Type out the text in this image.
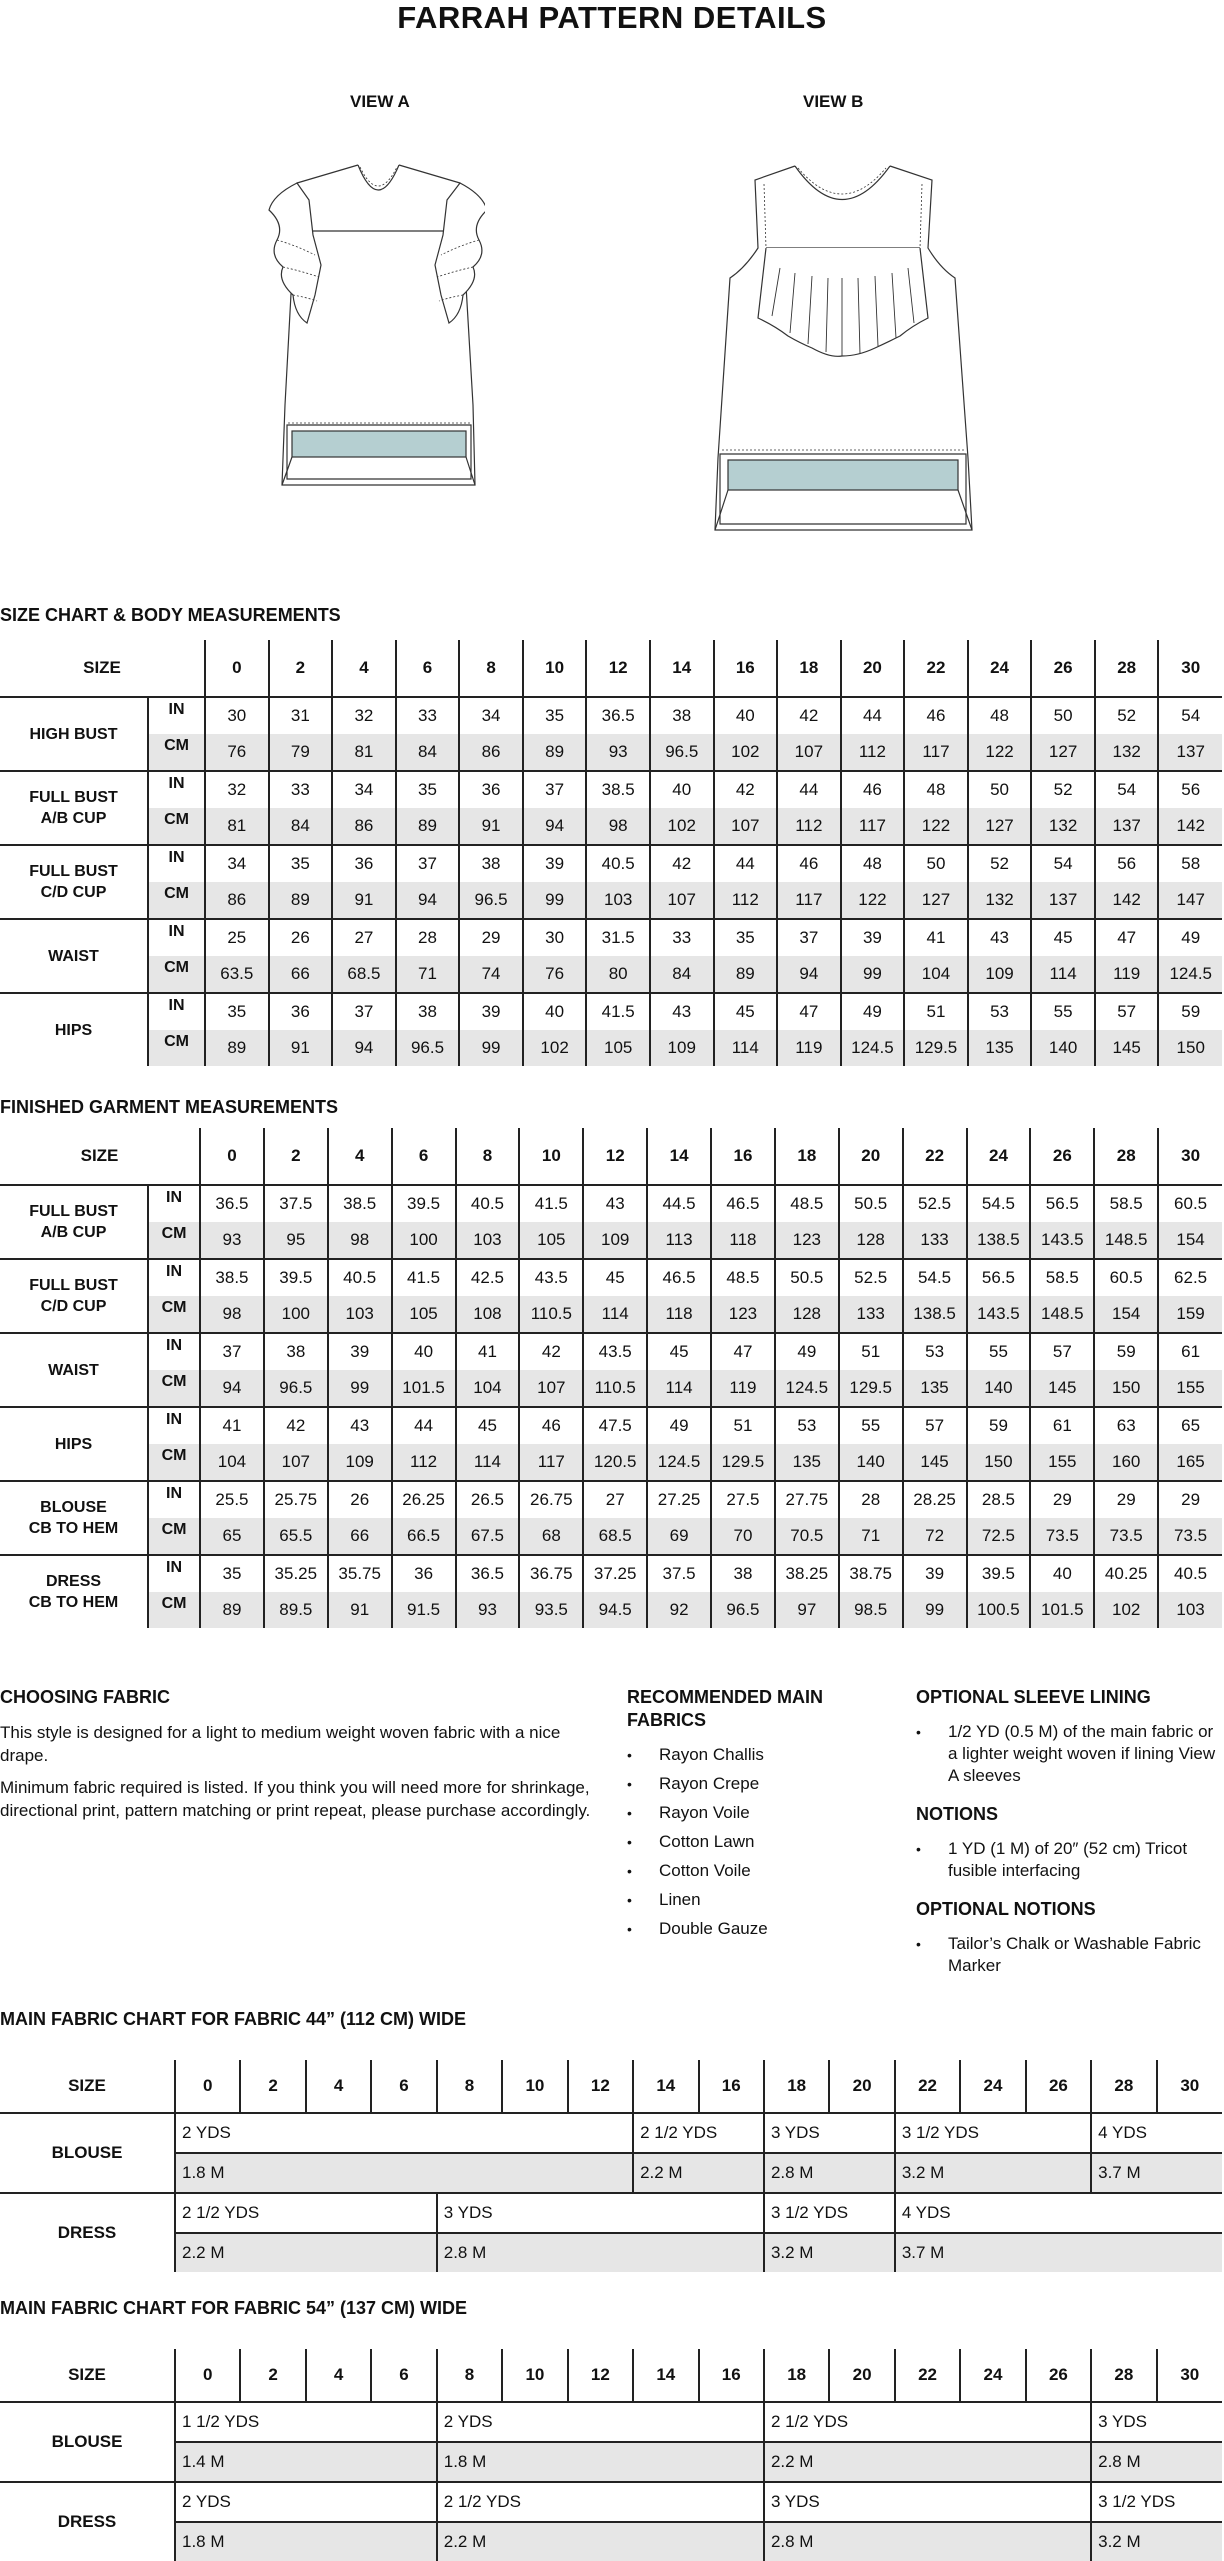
FARRAH PATTERN DETAILS
VIEW A	VIEW B
SIZE CHART & BODY MEASUREMENTS
SIZE		0	2	4	6	8	10	12	14	16	18	20	22	24	26	28	30

HIGH BUST	IN	30	31	32	33	34	35	36.5	38	40	42	44	46	48	50	52	54
	CM	76	79	81	84	86	89	93	96.5	102	107	112	117	122	127	132	137

FULL BUST
A/B CUP	IN	32	33	34	35	36	37	38.5	40	42	44	46	48	50	52	54	56
	CM	81	84	86	89	91	94	98	102	107	112	117	122	127	132	137	142

FULL BUST
C/D CUP	IN	34	35	36	37	38	39	40.5	42	44	46	48	50	52	54	56	58
	CM	86	89	91	94	96.5	99	103	107	112	117	122	127	132	137	142	147

WAIST	IN	25	26	27	28	29	30	31.5	33	35	37	39	41	43	45	47	49
	CM	63.5	66	68.5	71	74	76	80	84	89	94	99	104	109	114	119	124.5

HIPS	IN	35	36	37	38	39	40	41.5	43	45	47	49	51	53	55	57	59
	CM	89	91	94	96.5	99	102	105	109	114	119	124.5	129.5	135	140	145	150
FINISHED GARMENT MEASUREMENTS
SIZE		0	2	4	6	8	10	12	14	16	18	20	22	24	26	28	30

FULL BUST
A/B CUP	IN	36.5	37.5	38.5	39.5	40.5	41.5	43	44.5	46.5	48.5	50.5	52.5	54.5	56.5	58.5	60.5
	CM	93	95	98	100	103	105	109	113	118	123	128	133	138.5	143.5	148.5	154

FULL BUST
C/D CUP	IN	38.5	39.5	40.5	41.5	42.5	43.5	45	46.5	48.5	50.5	52.5	54.5	56.5	58.5	60.5	62.5
	CM	98	100	103	105	108	110.5	114	118	123	128	133	138.5	143.5	148.5	154	159

WAIST	IN	37	38	39	40	41	42	43.5	45	47	49	51	53	55	57	59	61
	CM	94	96.5	99	101.5	104	107	110.5	114	119	124.5	129.5	135	140	145	150	155

HIPS	IN	41	42	43	44	45	46	47.5	49	51	53	55	57	59	61	63	65
	CM	104	107	109	112	114	117	120.5	124.5	129.5	135	140	145	150	155	160	165

BLOUSE
CB TO HEM	IN	25.5	25.75	26	26.25	26.5	26.75	27	27.25	27.5	27.75	28	28.25	28.5	29	29	29
	CM	65	65.5	66	66.5	67.5	68	68.5	69	70	70.5	71	72	72.5	73.5	73.5	73.5

DRESS
CB TO HEM	IN	35	35.25	35.75	36	36.5	36.75	37.25	37.5	38	38.25	38.75	39	39.5	40	40.25	40.5
	CM	89	89.5	91	91.5	93	93.5	94.5	92	96.5	97	98.5	99	100.5	101.5	102	103
CHOOSING FABRIC

This style is designed for a light to medium weight woven fabric with a nice drape.

Minimum fabric required is listed. If you think you will need more for shrinkage, directional print, pattern matching or print repeat, please purchase accordingly.

RECOMMENDED MAIN FABRICS
• Rayon Challis
• Rayon Crepe
• Rayon Voile
• Cotton Lawn
• Cotton Voile
• Linen
• Double Gauze
OPTIONAL SLEEVE LINING
• 1/2 YD (0.5 M) of the main fabric or a lighter weight woven if lining View A sleeves
NOTIONS
• 1 YD (1 M) of 20″ (52 cm) Tricot fusible interfacing
OPTIONAL NOTIONS
• Tailor’s Chalk or Washable Fabric Marker
MAIN FABRIC CHART FOR FABRIC 44” (112 CM) WIDE
SIZE	0	2	4	6	8	10	12	14	16	18	20	22	24	26	28	30
BLOUSE	2 YDS							2 1/2 YDS		3 YDS		3 1/2 YDS			4 YDS	
	1.8 M							2.2 M		2.8 M		3.2 M			3.7 M	
DRESS	2 1/2 YDS				3 YDS					3 1/2 YDS		4 YDS				
	2.2 M				2.8 M					3.2 M		3.7 M				
MAIN FABRIC CHART FOR FABRIC 54” (137 CM) WIDE
SIZE	0	2	4	6	8	10	12	14	16	18	20	22	24	26	28	30
BLOUSE	1 1/2 YDS				2 YDS					2 1/2 YDS					3 YDS	
	1.4 M				1.8 M					2.2 M					2.8 M	
DRESS	2 YDS				2 1/2 YDS					3 YDS					3 1/2 YDS	
	1.8 M				2.2 M					2.8 M					3.2 M	
